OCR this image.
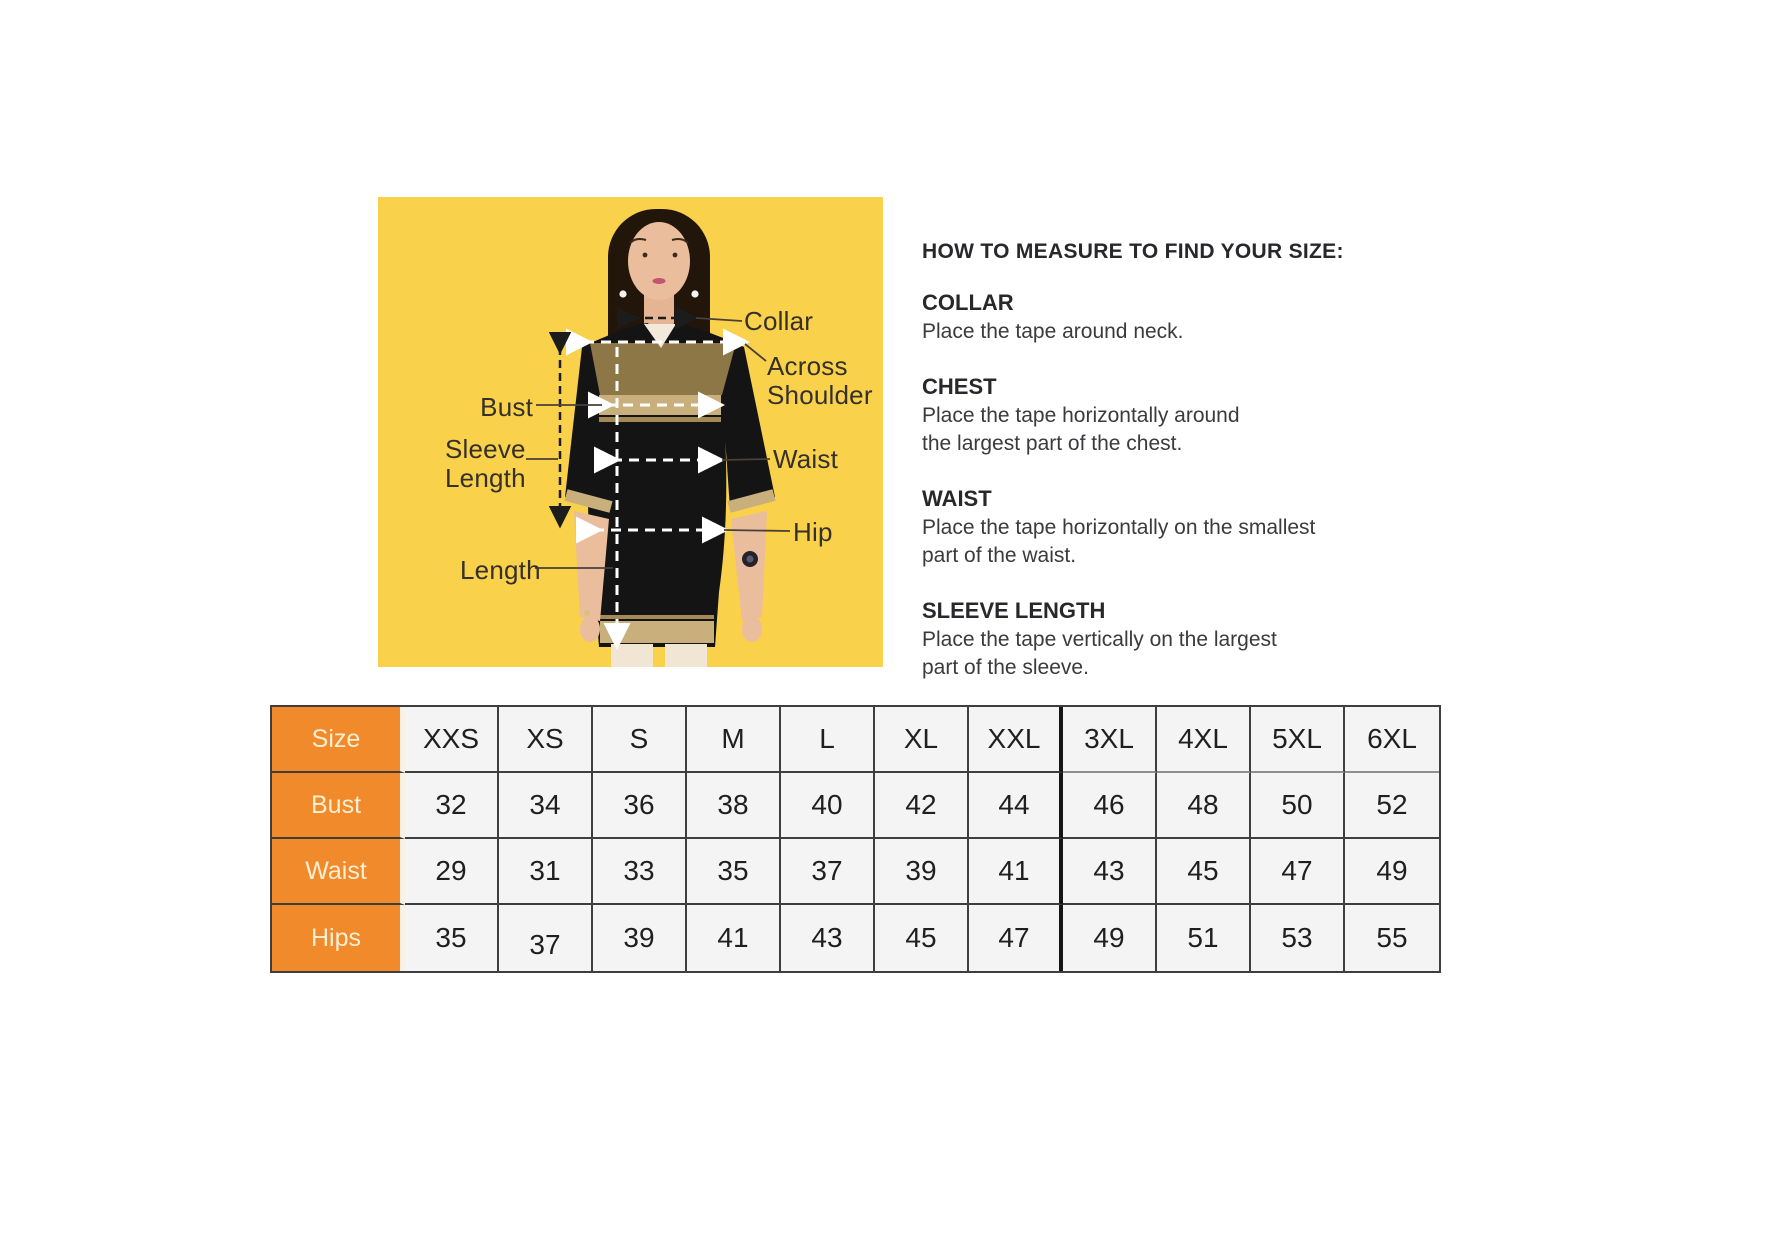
Bust
Sleeve
Length
Length
Collar
Across
Shoulder
Waist
Hip

HOW TO MEASURE TO FIND YOUR SIZE:

COLLAR

Place the tape around neck.

CHEST

Place the tape horizontally around

the largest part of the chest.

WAIST

Place the tape horizontally on the smallest

part of the waist.

SLEEVE LENGTH

Place the tape vertically on the largest

part of the sleeve.

Size	XXS	XS	S	M	L	XL	XXL	3XL	4XL	5XL	6XL
Bust	32	34	36	38	40	42	44	46	48	50	52
Waist	29	31	33	35	37	39	41	43	45	47	49
Hips	35	37	39	41	43	45	47	49	51	53	55
